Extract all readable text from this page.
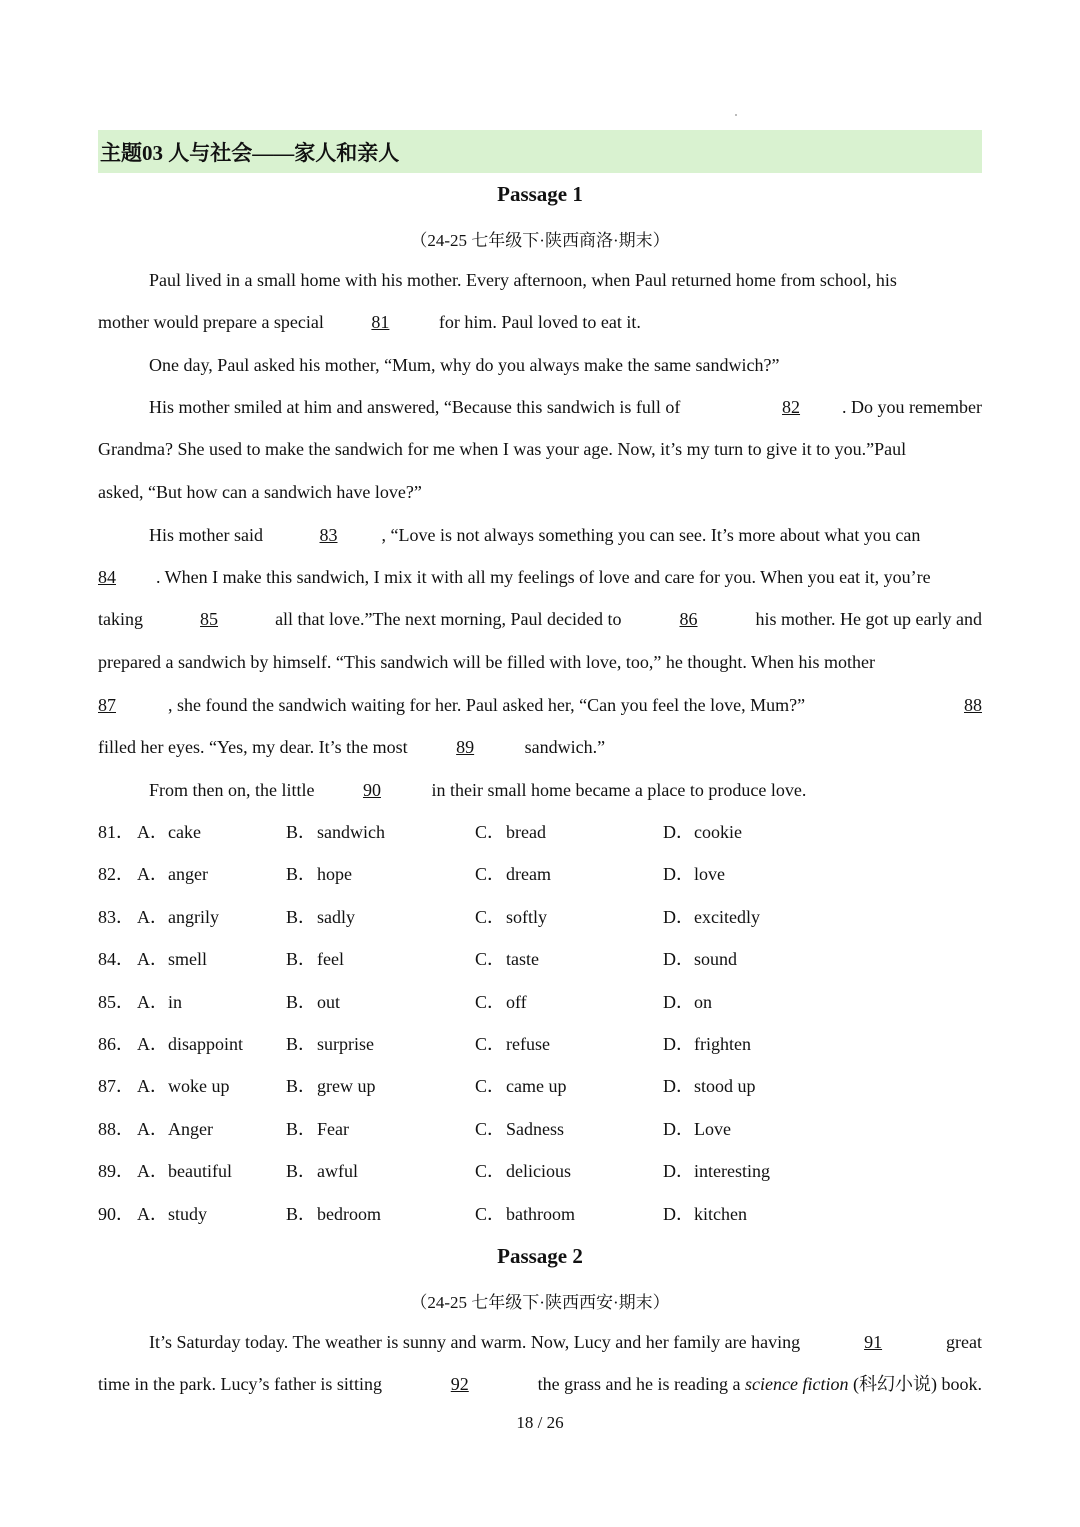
主题03 人与社会——家人和亲人
Passage 1
（24-25 七年级下·陕西商洛·期末）
Paul lived in a small home with his mother. Every afternoon, when Paul returned home from school, his
mother would prepare a special	81	for him. Paul loved to eat it.
One day, Paul asked his mother, “Mum, why do you always make the same sandwich?”
His mother smiled at him and answered, “Because this sandwich is full of	82 . Do you remember
Grandma? She used to make the sandwich for me when I was your age. Now, it’s my turn to give it to you.”Paul
asked, “But how can a sandwich have love?”
His mother said	83 , “Love is not always something you can see. It’s more about what you can
84 . When I make this sandwich, I mix it with all my feelings of love and care for you. When you eat it, you’re
taking	85	all that love.”The next morning, Paul decided to	86	his mother. He got up early and
prepared a sandwich by himself. “This sandwich will be filled with love, too,” he thought. When his mother
87	, she found the sandwich waiting for her. Paul asked her, “Can you feel the love, Mum?”	88
filled her eyes. “Yes, my dear. It’s the most	89	sandwich.”
From then on, the little	90	in their small home became a place to produce love.
81． A．cake	B．sandwich	C．bread	D．cookie
82． A．anger	B．hope	C．dream	D．love
83． A．angrily	B．sadly	C．softly	D．excitedly
84． A．smell	B．feel	C．taste	D．sound
85． A．in	B．out	C．off	D．on
86． A．disappoint B．surprise	C．refuse	D．frighten
87． A．woke up	B．grew up	C．came up	D．stood up
88． A．Anger	B．Fear	C．Sadness	D．Love
89． A．beautiful	B．awful	C．delicious	D．interesting
90． A．study	B．bedroom	C．bathroom	D．kitchen
Passage 2
（24-25 七年级下·陕西西安·期末）
It’s Saturday today. The weather is sunny and warm. Now, Lucy and her family are having	91	great
time in the park. Lucy’s father is sitting	92	the grass and he is reading a science fiction (科幻小说) book.
18 / 26
